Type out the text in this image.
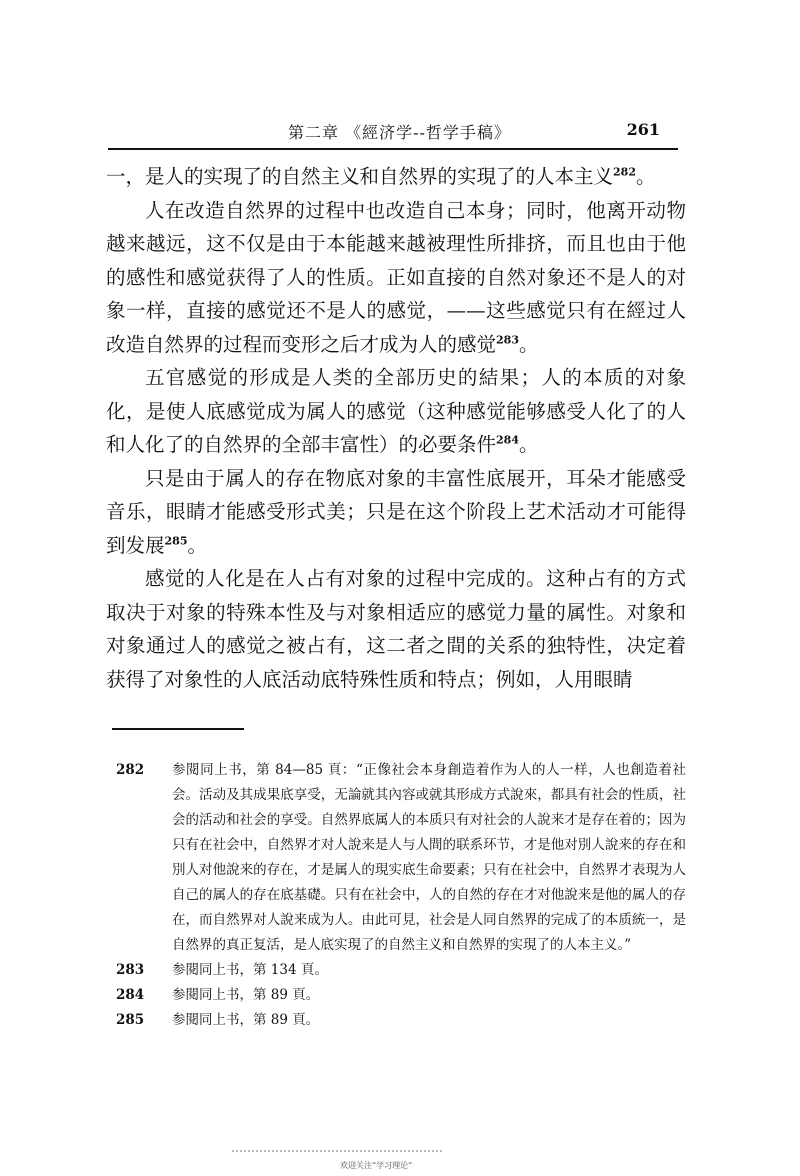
第二章 《經济学--哲学手稿》	261

一，是人的实現了的自然主义和自然界的实現了的人本主义$^{282}$。

人在改造自然界的过程中也改造自己本身；同时，他离开动物越来越远，这不仅是由于本能越来越被理性所排挤，而且也由于他的感性和感觉获得了人的性质。正如直接的自然对象还不是人的对象一样，直接的感觉还不是人的感觉，——这些感觉只有在經过人改造自然界的过程而变形之后才成为人的感觉$^{283}$。

五官感觉的形成是人类的全部历史的結果；人的本质的对象化，是使人底感觉成为属人的感觉（这种感觉能够感受人化了的人和人化了的自然界的全部丰富性）的必要条件$^{284}$。

只是由于属人的存在物底对象的丰富性底展开，耳朵才能感受音乐，眼睛才能感受形式美；只是在这个阶段上艺术活动才可能得到发展$^{285}$。

感觉的人化是在人占有对象的过程中完成的。这种占有的方式取决于对象的特殊本性及与对象相适应的感觉力量的属性。对象和对象通过人的感觉之被占有，这二者之間的关系的独特性，决定着获得了对象性的人底活动底特殊性质和特点；例如，人用眼睛

282	参閱同上书，第 84—85 頁：“正像社会本身創造着作为人的人一样，人也創造着社会。活动及其成果底享受，无論就其內容或就其形成方式說來，都具有社会的性质，社会的活动和社会的享受。自然界底属人的本质只有对社会的人說来才是存在着的；因为只有在社会中，自然界才对人說来是人与人間的联系环节，才是他对別人說来的存在和別人对他說来的存在，才是属人的現实底生命要素；只有在社会中，自然界才表現为人自己的属人的存在底基礎。只有在社会中，人的自然的存在才对他說来是他的属人的存在，而自然界对人說来成为人。由此可見，社会是人同自然界的完成了的本质統一，是自然界的真正复活，是人底实現了的自然主义和自然界的实現了的人本主义。”
283	参閱同上书，第 134 頁。
284	参閱同上书，第 89 頁。
285	参閱同上书，第 89 頁。
欢迎关注“学习理论”
